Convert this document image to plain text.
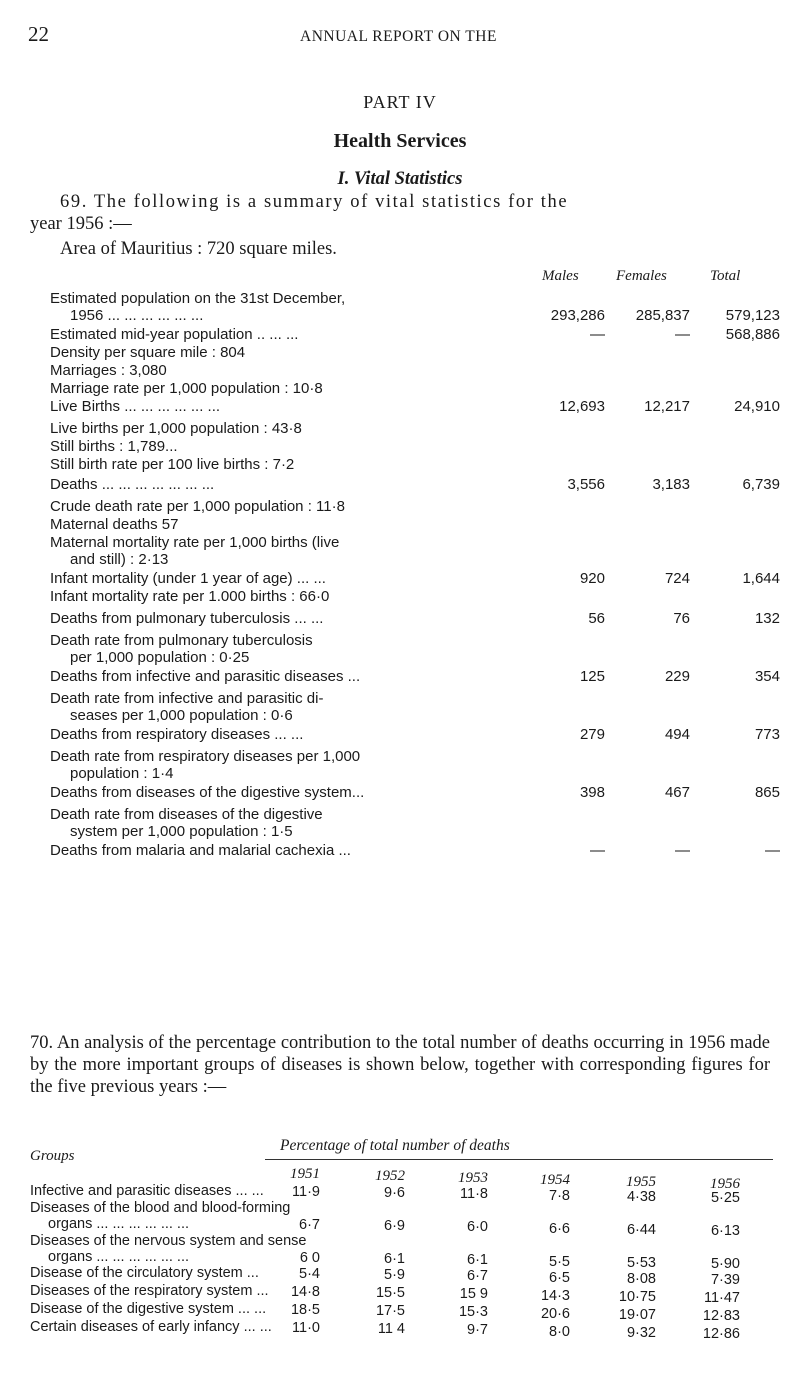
22	ANNUAL REPORT ON THE
PART IV
Health Services
I. Vital Statistics
69. The following is a summary of vital statistics for the
year 1956 :—
Area of Mauritius : 720 square miles.
Males Females	Total
Estimated population on the 31st December,
1956 ... ... ... ... ... ...	293,286	285,837	579,123
Estimated mid-year population .. ... ...	—	—	568,886
Density per square mile : 804
Marriages : 3,080
Marriage rate per 1,000 population : 10·8
Live Births ... ... ... ... ... ...	12,693	12,217	24,910
Live births per 1,000 population : 43·8
Still births : 1,789...
Still birth rate per 100 live births : 7·2
Deaths ... ... ... ... ... ... ...	3,556	3,183	6,739
Crude death rate per 1,000 population : 11·8
Maternal deaths 57
Maternal mortality rate per 1,000 births (live
and still) : 2·13
Infant mortality (under 1 year of age) ... ...	920	724	1,644
Infant mortality rate per 1.000 births : 66·0
Deaths from pulmonary tuberculosis ... ...	56	76	132
Death rate from pulmonary tuberculosis
per 1,000 population : 0·25
Deaths from infective and parasitic diseases ...	125	229	354
Death rate from infective and parasitic di-
seases per 1,000 population : 0·6
Deaths from respiratory diseases ... ...	279	494	773
Death rate from respiratory diseases per 1,000
population : 1·4
Deaths from diseases of the digestive system...	398	467	865
Death rate from diseases of the digestive
system per 1,000 population : 1·5
Deaths from malaria and malarial cachexia ...	—	—	—
70. An analysis of the percentage contribution to the total number of deaths occurring in 1956 made by the more important groups of diseases is shown below, together with corresponding figures for the five previous years :—
Groups
Percentage of total number of deaths
1951	1952	1953	1954	1955	1956
Infective and parasitic diseases ... ...	11·9	9·6	11·8	7·8	4·38	5·25
Diseases of the blood and blood-forming
organs ... ... ... ... ... ...	6·7	6·9	6·0	6·6	6·44	6·13
Diseases of the nervous system and sense
organs ... ... ... ... ... ...	6 0	6·1	6·1	5·5	5·53	5·90
Disease of the circulatory system ...	5·4	5·9	6·7	6·5	8·08	7·39
Diseases of the respiratory system ...	14·8	15·5	15 9	14·3	10·75	11·47
Disease of the digestive system ... ...	18·5	17·5	15·3	20·6	19·07	12·83
Certain diseases of early infancy ... ...	11·0	11 4	9·7	8·0	9·32	12·86
